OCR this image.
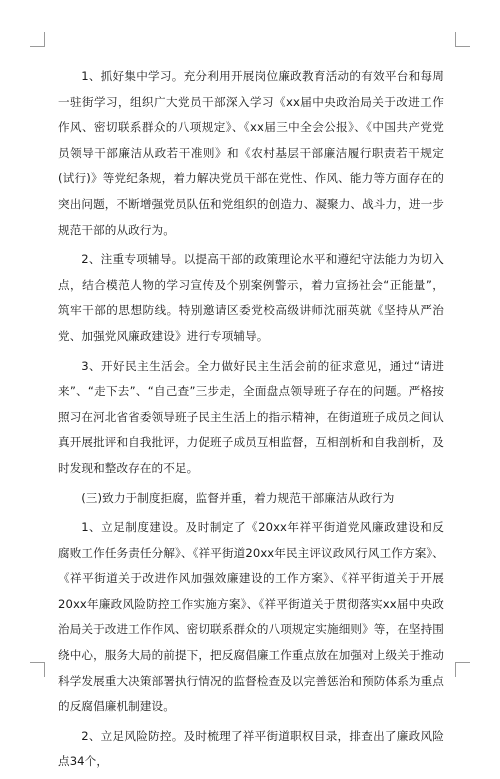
1、抓好集中学习。充分利用开展岗位廉政教育活动的有效平台和每周一驻街学习，组织广大党员干部深入学习《xx届中央政治局关于改进工作作风、密切联系群众的八项规定》、《xx届三中全会公报》、《中国共产党党员领导干部廉洁从政若干准则》和《农村基层干部廉洁履行职责若干规定(试行)》等党纪条规，着力解决党员干部在党性、作风、能力等方面存在的突出问题，不断增强党员队伍和党组织的创造力、凝聚力、战斗力，进一步规范干部的从政行为。

2、注重专项辅导。以提高干部的政策理论水平和遵纪守法能力为切入点，结合模范人物的学习宣传及个别案例警示，着力宣扬社会“正能量”，筑牢干部的思想防线。特别邀请区委党校高级讲师沈丽英就《坚持从严治党、加强党风廉政建设》进行专项辅导。

3、开好民主生活会。全力做好民主生活会前的征求意见，通过“请进来”、“走下去”、“自己查”三步走，全面盘点领导班子存在的问题。严格按照习在河北省省委领导班子民主生活上的指示精神，在街道班子成员之间认真开展批评和自我批评，力促班子成员互相监督，互相剖析和自我剖析，及时发现和整改存在的不足。

(三)致力于制度拒腐，监督并重，着力规范干部廉洁从政行为

1、立足制度建设。及时制定了《20xx年祥平街道党风廉政建设和反腐败工作任务责任分解》、《祥平街道20xx年民主评议政风行风工作方案》、《祥平街道关于改进作风加强效廉建设的工作方案》、《祥平街道关于开展20xx年廉政风险防控工作实施方案》、《祥平街道关于贯彻落实xx届中央政治局关于改进工作作风、密切联系群众的八项规定实施细则》等，在坚持围绕中心，服务大局的前提下，把反腐倡廉工作重点放在加强对上级关于推动科学发展重大决策部署执行情况的监督检查及以完善惩治和预防体系为重点的反腐倡廉机制建设。

2、立足风险防控。及时梳理了祥平街道职权目录，排查出了廉政风险点34个，
